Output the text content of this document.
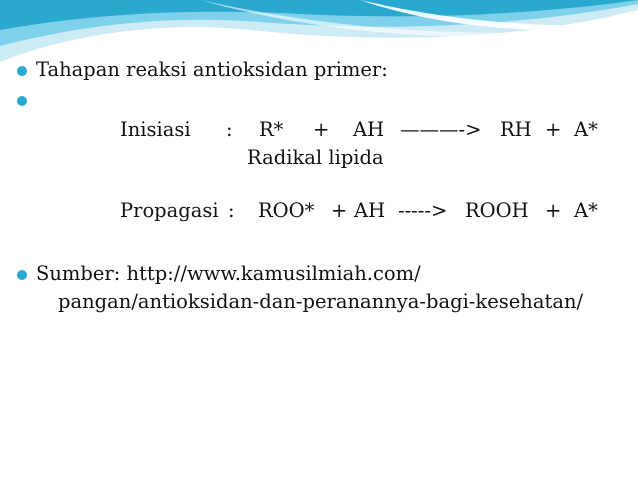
Tahapan reaksi antioksidan primer:
Inisiasi : R* + AH ———-> RH + A*
Radikal lipida
Propagasi : ROO* + AH -----> ROOH + A*
Sumber: http://www.kamusilmiah.com/
pangan/antioksidan-dan-peranannya-bagi-kesehatan/
